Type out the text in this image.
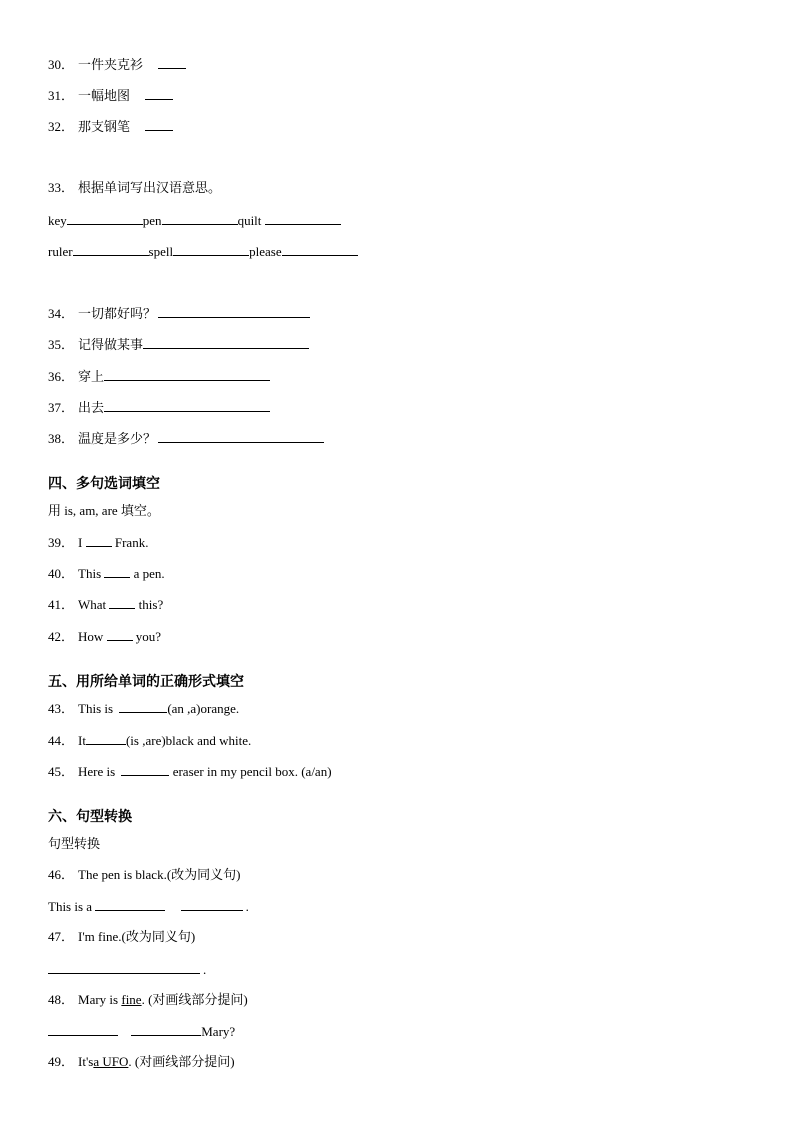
30． 一件夹克衫
31． 一幅地图
32． 那支钢笔
33． 根据单词写出汉语意思。
key	pen	quilt
ruler	spell	please
34． 一切都好吗？
35． 记得做某事
36． 穿上
37． 出去
38． 温度是多少？
四、多句选词填空
用 is, am, are 填空。
39． I	Frank.
40． This	a pen.
41． What	this?
42． How	you?
五、用所给单词的正确形式填空
43． This is	(an ,a)orange.
44． It	(is ,are)black and white.
45． Here is	eraser in my pencil box. (a/an)
六、句型转换
句型转换
46． The pen is black.(改为同义句)
This is a	.
47． I'm fine.(改为同义句)
.
48． Mary is fine. (对画线部分提问)
Mary?
49． It'sa UFO. (对画线部分提问)
